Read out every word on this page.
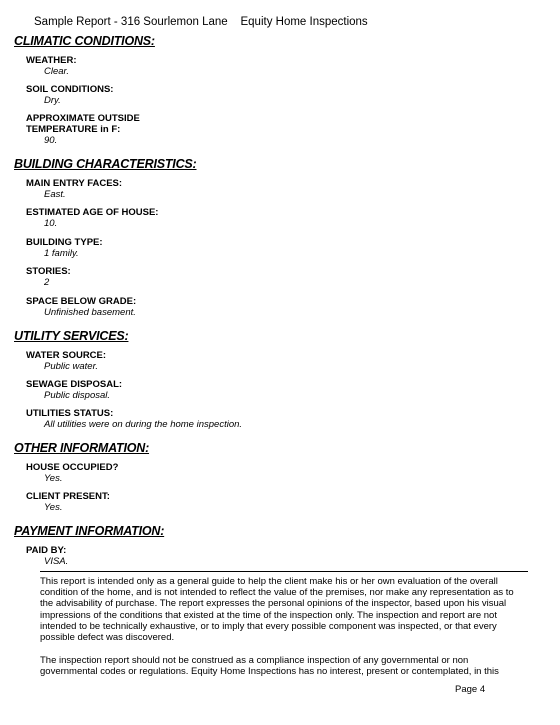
Sample Report - 316 Sourlemon Lane    Equity Home Inspections
CLIMATIC CONDITIONS:
WEATHER:
Clear.
SOIL CONDITIONS:
Dry.
APPROXIMATE OUTSIDE
TEMPERATURE in F:
90.
BUILDING CHARACTERISTICS:
MAIN ENTRY FACES:
East.
ESTIMATED AGE OF HOUSE:
10.
BUILDING TYPE:
1 family.
STORIES:
2
SPACE BELOW GRADE:
Unfinished basement.
UTILITY SERVICES:
WATER SOURCE:
Public water.
SEWAGE DISPOSAL:
Public disposal.
UTILITIES STATUS:
All utilities were on during the home inspection.
OTHER INFORMATION:
HOUSE OCCUPIED?
Yes.
CLIENT PRESENT:
Yes.
PAYMENT INFORMATION:
PAID BY:
VISA.
This report is intended only as a general guide to help the client make his or her own evaluation of the overall condition of the home, and is not intended to reflect the value of the premises, nor make any representation as to the advisability of purchase. The report expresses the personal opinions of the inspector, based upon his visual impressions of the conditions that existed at the time of the inspection only. The inspection and report are not intended to be technically exhaustive, or to imply that every possible component was inspected, or that every possible defect was discovered.
The inspection report should not be construed as a compliance inspection of any governmental or non governmental codes or regulations. Equity Home Inspections has no interest, present or contemplated, in this
Page 4
